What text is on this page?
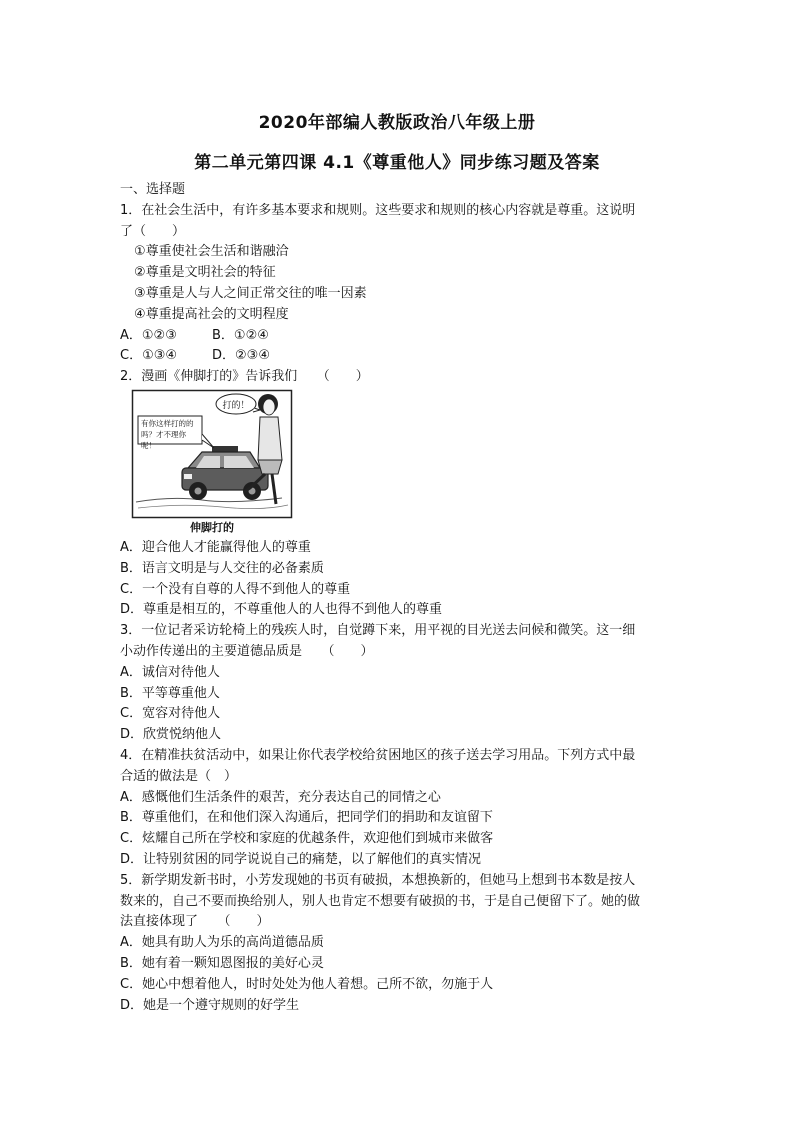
2020年部编人教版政治八年级上册
第二单元第四课 4.1《尊重他人》同步练习题及答案
一、选择题
1．在社会生活中，有许多基本要求和规则。这些要求和规则的核心内容就是尊重。这说明
了（　　）
①尊重使社会生活和谐融洽
②尊重是文明社会的特征
③尊重是人与人之间正常交往的唯一因素
④尊重提高社会的文明程度
A．①②③	B．①②④
C．①③④	D．②③④
2．漫画《伸脚打的》告诉我们　　（　　）
打的！
有你这样打的的吗？才不理你呢！
伸脚打的
A．迎合他人才能赢得他人的尊重
B．语言文明是与人交往的必备素质
C．一个没有自尊的人得不到他人的尊重
D．尊重是相互的，不尊重他人的人也得不到他人的尊重
3．一位记者采访轮椅上的残疾人时，自觉蹲下来，用平视的目光送去问候和微笑。这一细
小动作传递出的主要道德品质是　　（　　）
A．诚信对待他人
B．平等尊重他人
C．宽容对待他人
D．欣赏悦纳他人
4．在精准扶贫活动中，如果让你代表学校给贫困地区的孩子送去学习用品。下列方式中最
合适的做法是（　）
A．感慨他们生活条件的艰苦，充分表达自己的同情之心
B．尊重他们，在和他们深入沟通后，把同学们的捐助和友谊留下
C．炫耀自己所在学校和家庭的优越条件，欢迎他们到城市来做客
D．让特别贫困的同学说说自己的痛楚，以了解他们的真实情况
5．新学期发新书时，小芳发现她的书页有破损，本想换新的，但她马上想到书本数是按人
数来的，自己不要而换给别人，别人也肯定不想要有破损的书，于是自己便留下了。她的做
法直接体现了　　（　　）
A．她具有助人为乐的高尚道德品质
B．她有着一颗知恩图报的美好心灵
C．她心中想着他人，时时处处为他人着想。己所不欲，勿施于人
D．她是一个遵守规则的好学生
